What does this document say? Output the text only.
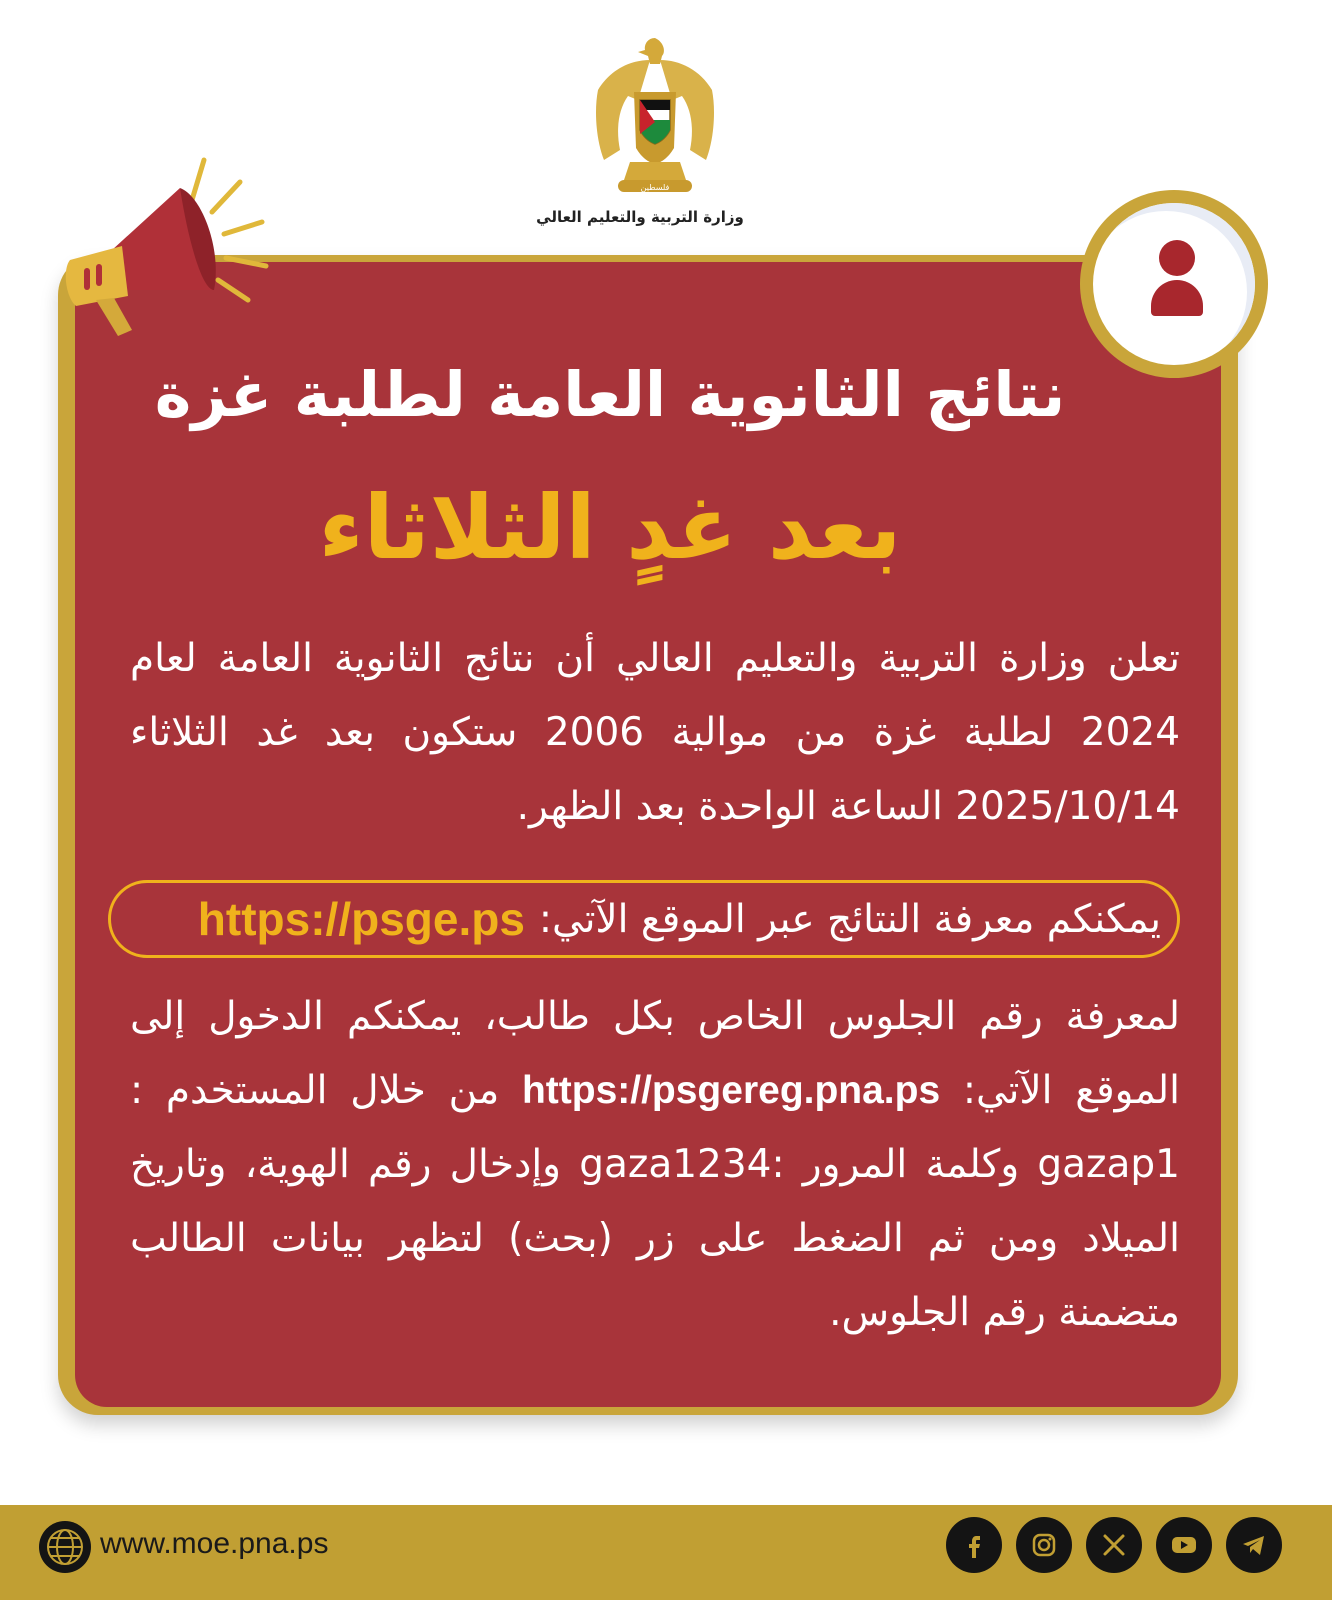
فلسطين
وزارة التربية والتعليم العالي
نتائج الثانوية العامة لطلبة غزة
بعد غدٍ الثلاثاء
تعلن وزارة التربية والتعليم العالي أن نتائج الثانوية العامة لعام 2024 لطلبة غزة من موالية 2006 ستكون بعد غد الثلاثاء 2025/10/14 الساعة الواحدة بعد الظهر.
يمكنكم معرفة النتائج عبر الموقع الآتي:
https://psge.ps
لمعرفة رقم الجلوس الخاص بكل طالب، يمكنكم الدخول إلى الموقع الآتي: https://psgereg.pna.ps من خلال المستخدم : gazap1 وكلمة المرور :gaza1234 وإدخال رقم الهوية، وتاريخ الميلاد ومن ثم الضغط على زر (بحث) لتظهر بيانات الطالب متضمنة رقم الجلوس.
www.moe.pna.ps
